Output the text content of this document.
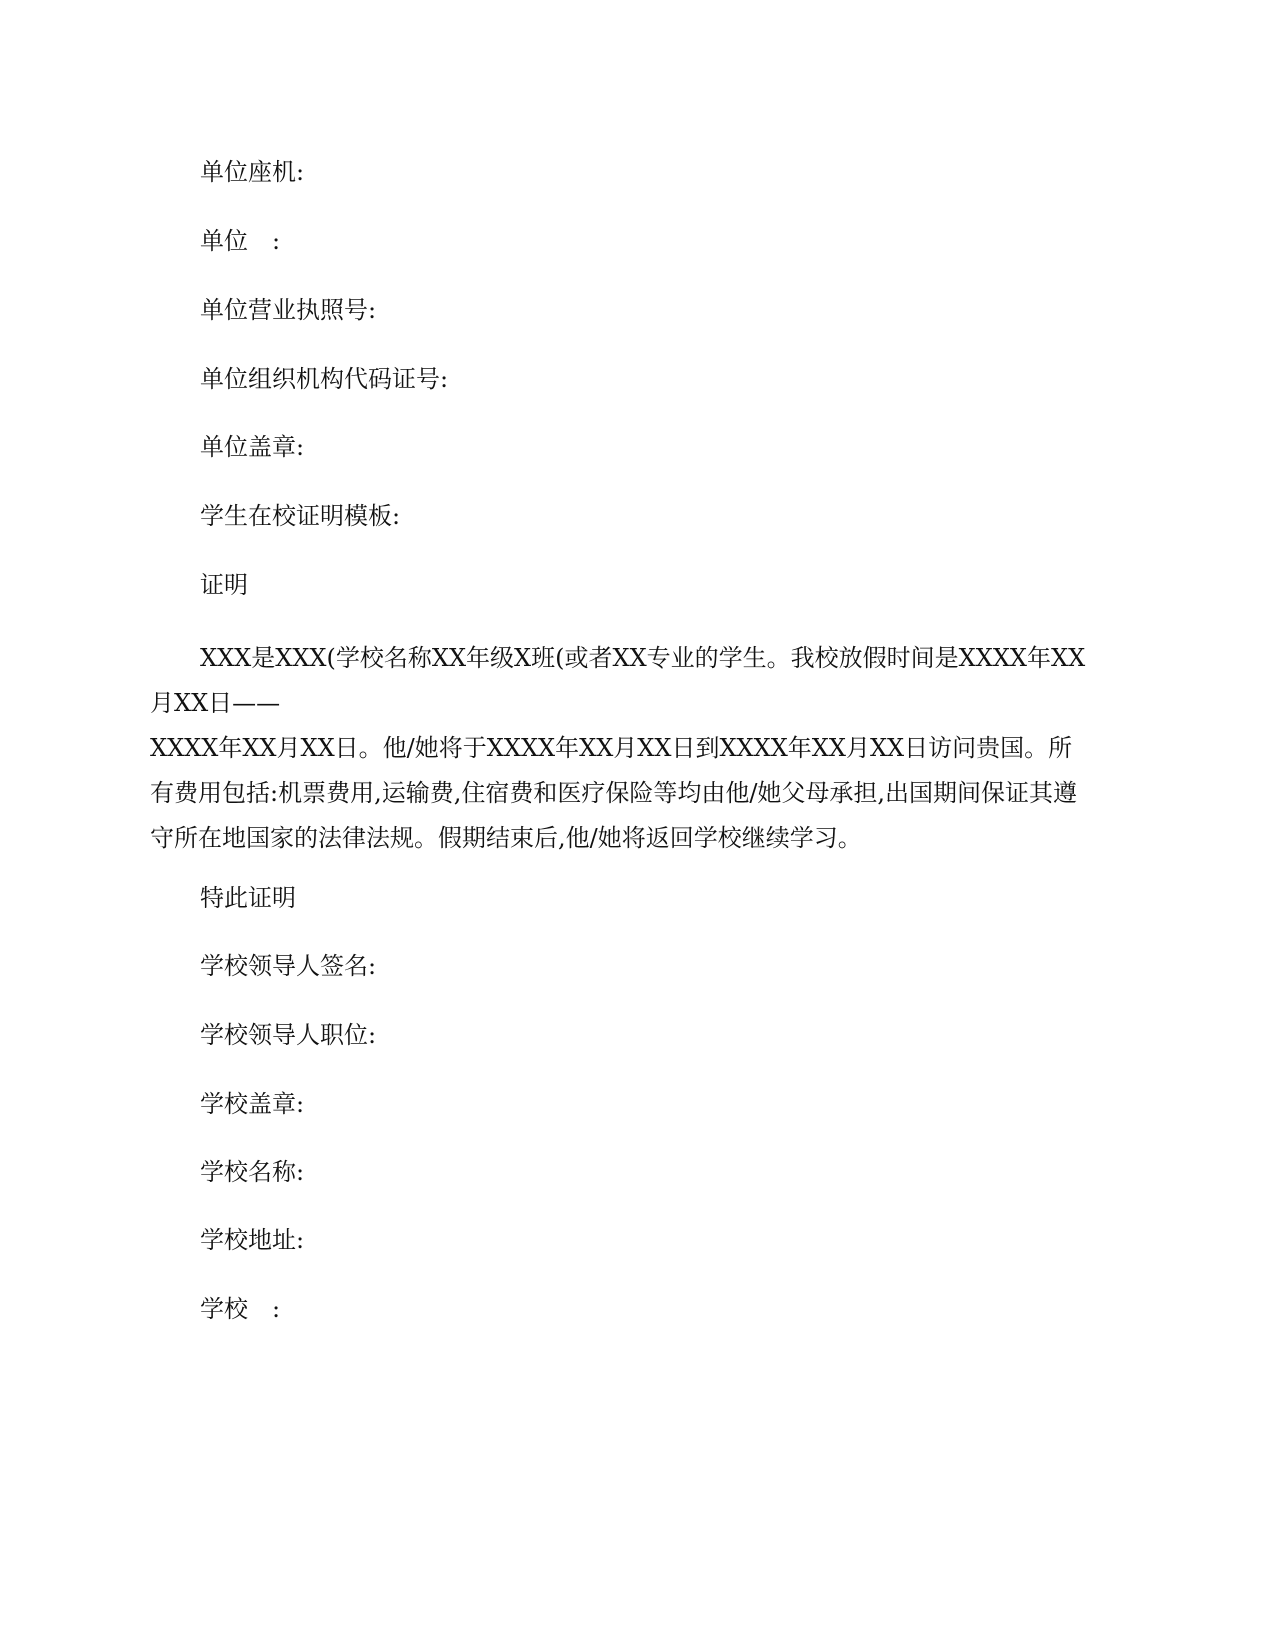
单位座机:
单位　:
单位营业执照号:
单位组织机构代码证号:
单位盖章:
学生在校证明模板:
证明
XXX是XXX(学校名称XX年级X班(或者XX专业的学生。我校放假时间是XXXX年XX
月XX日——
XXXX年XX月XX日。他/她将于XXXX年XX月XX日到XXXX年XX月XX日访问贵国。所
有费用包括:机票费用,运输费,住宿费和医疗保险等均由他/她父母承担,出国期间保证其遵
守所在地国家的法律法规。假期结束后,他/她将返回学校继续学习。
特此证明
学校领导人签名:
学校领导人职位:
学校盖章:
学校名称:
学校地址:
学校　:
